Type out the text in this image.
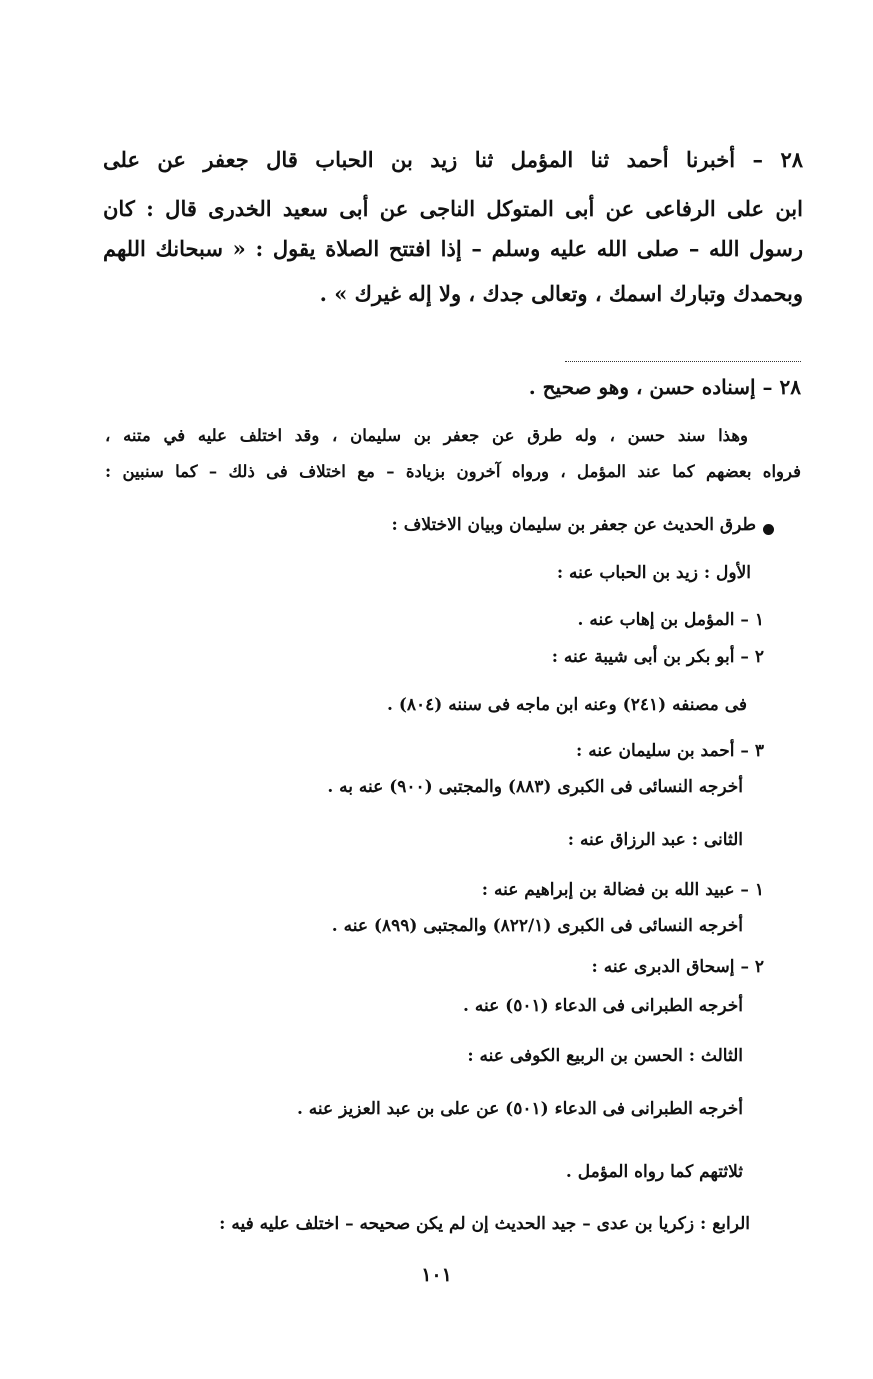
٢٨ – أخبرنا أحمد ثنا المؤمل ثنا زيد بن الحباب قال جعفر عن على
ابن على الرفاعى عن أبى المتوكل الناجى عن أبى سعيد الخدرى قال : كان
رسول الله – صلى الله عليه وسلم – إذا افتتح الصلاة يقول : « سبحانك اللهم
وبحمدك وتبارك اسمك ، وتعالى جدك ، ولا إله غيرك » .
٢٨ – إسناده حسن ، وهو صحيح .
وهذا سند حسن ، وله طرق عن جعفر بن سليمان ، وقد اختلف عليه في متنه ،
فرواه بعضهم كما عند المؤمل ، ورواه آخرون بزيادة – مع اختلاف فى ذلك – كما سنبين :
طرق الحديث عن جعفر بن سليمان وبيان الاختلاف :
الأول : زيد بن الحباب عنه :
١ – المؤمل بن إهاب عنه .
٢ – أبو بكر بن أبى شيبة عنه :
فى مصنفه (٢٤١) وعنه ابن ماجه فى سننه (٨٠٤) .
٣ – أحمد بن سليمان عنه :
أخرجه النسائى فى الكبرى (٨٨٣) والمجتبى (٩٠٠) عنه به .
الثانى : عبد الرزاق عنه :
١ – عبيد الله بن فضالة بن إبراهيم عنه :
أخرجه النسائى فى الكبرى (٨٢٢/١) والمجتبى (٨٩٩) عنه .
٢ – إسحاق الدبرى عنه :
أخرجه الطبرانى فى الدعاء (٥٠١) عنه .
الثالث : الحسن بن الربيع الكوفى عنه :
أخرجه الطبرانى فى الدعاء (٥٠١) عن على بن عبد العزيز عنه .
ثلاثتهم كما رواه المؤمل .
الرابع : زكريا بن عدى – جيد الحديث إن لم يكن صحيحه – اختلف عليه فيه :
١٠١
